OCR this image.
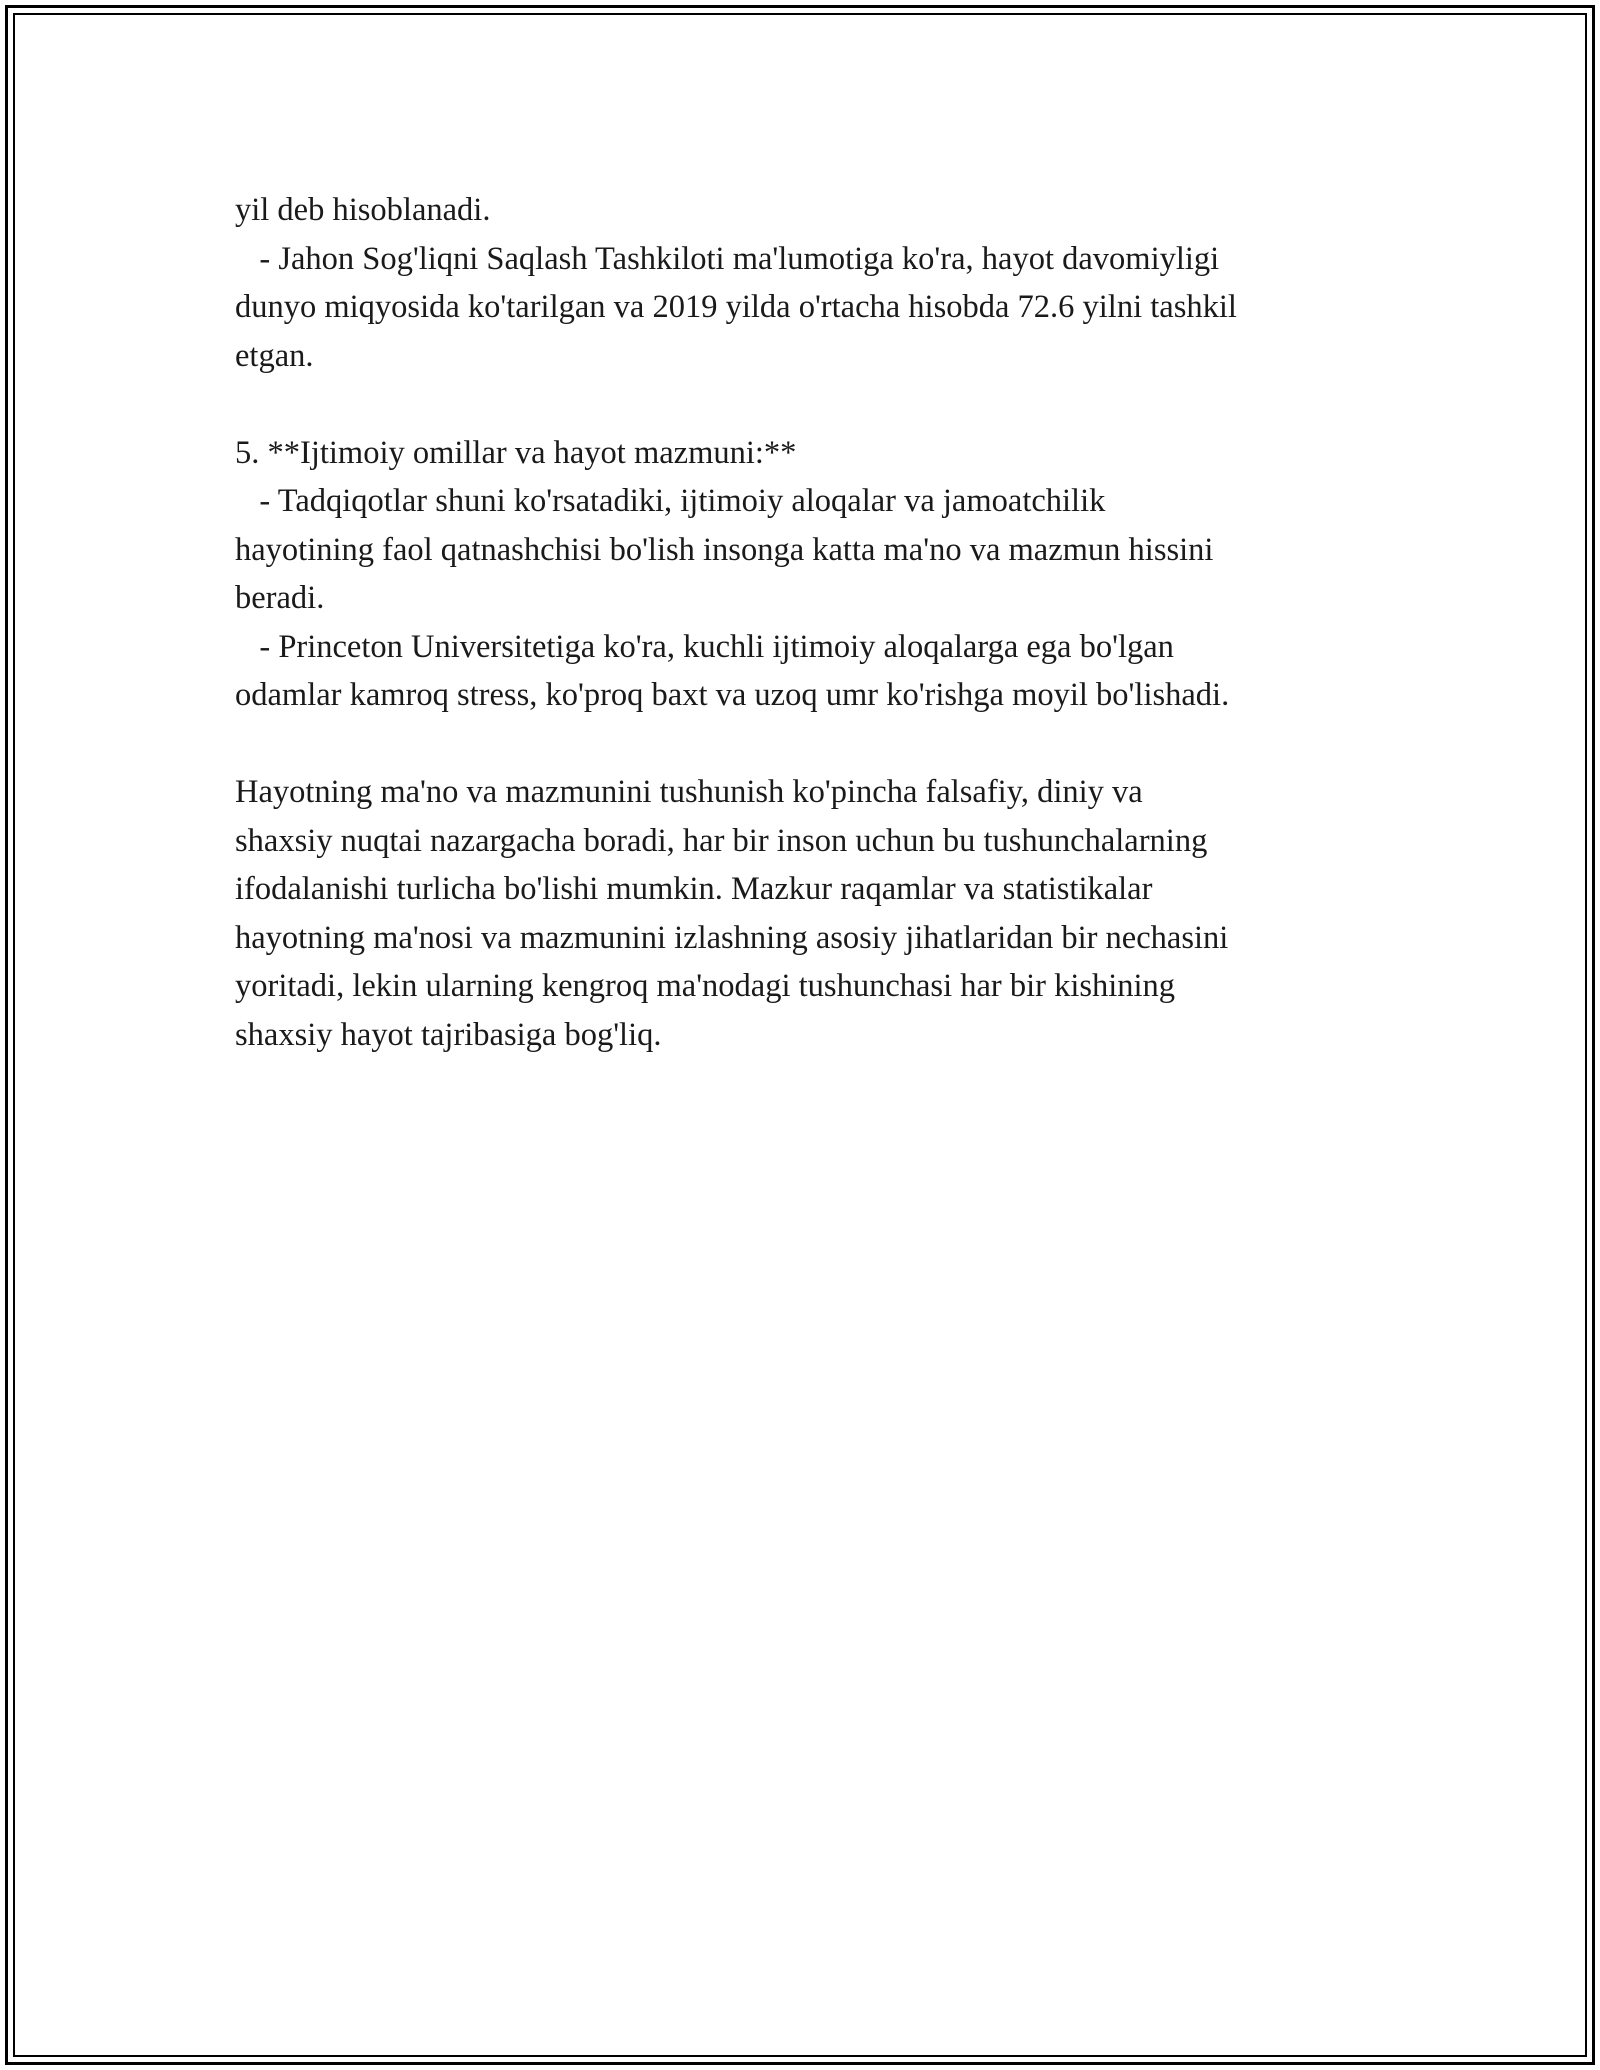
yil deb hisoblanadi.

- Jahon Sog'liqni Saqlash Tashkiloti ma'lumotiga ko'ra, hayot davomiyligi

dunyo miqyosida ko'tarilgan va 2019 yilda o'rtacha hisobda 72.6 yilni tashkil

etgan.

5. **Ijtimoiy omillar va hayot mazmuni:**

- Tadqiqotlar shuni ko'rsatadiki, ijtimoiy aloqalar va jamoatchilik

hayotining faol qatnashchisi bo'lish insonga katta ma'no va mazmun hissini

beradi.

- Princeton Universitetiga ko'ra, kuchli ijtimoiy aloqalarga ega bo'lgan

odamlar kamroq stress, ko'proq baxt va uzoq umr ko'rishga moyil bo'lishadi.

Hayotning ma'no va mazmunini tushunish ko'pincha falsafiy, diniy va

shaxsiy nuqtai nazargacha boradi, har bir inson uchun bu tushunchalarning

ifodalanishi turlicha bo'lishi mumkin. Mazkur raqamlar va statistikalar

hayotning ma'nosi va mazmunini izlashning asosiy jihatlaridan bir nechasini

yoritadi, lekin ularning kengroq ma'nodagi tushunchasi har bir kishining

shaxsiy hayot tajribasiga bog'liq.
